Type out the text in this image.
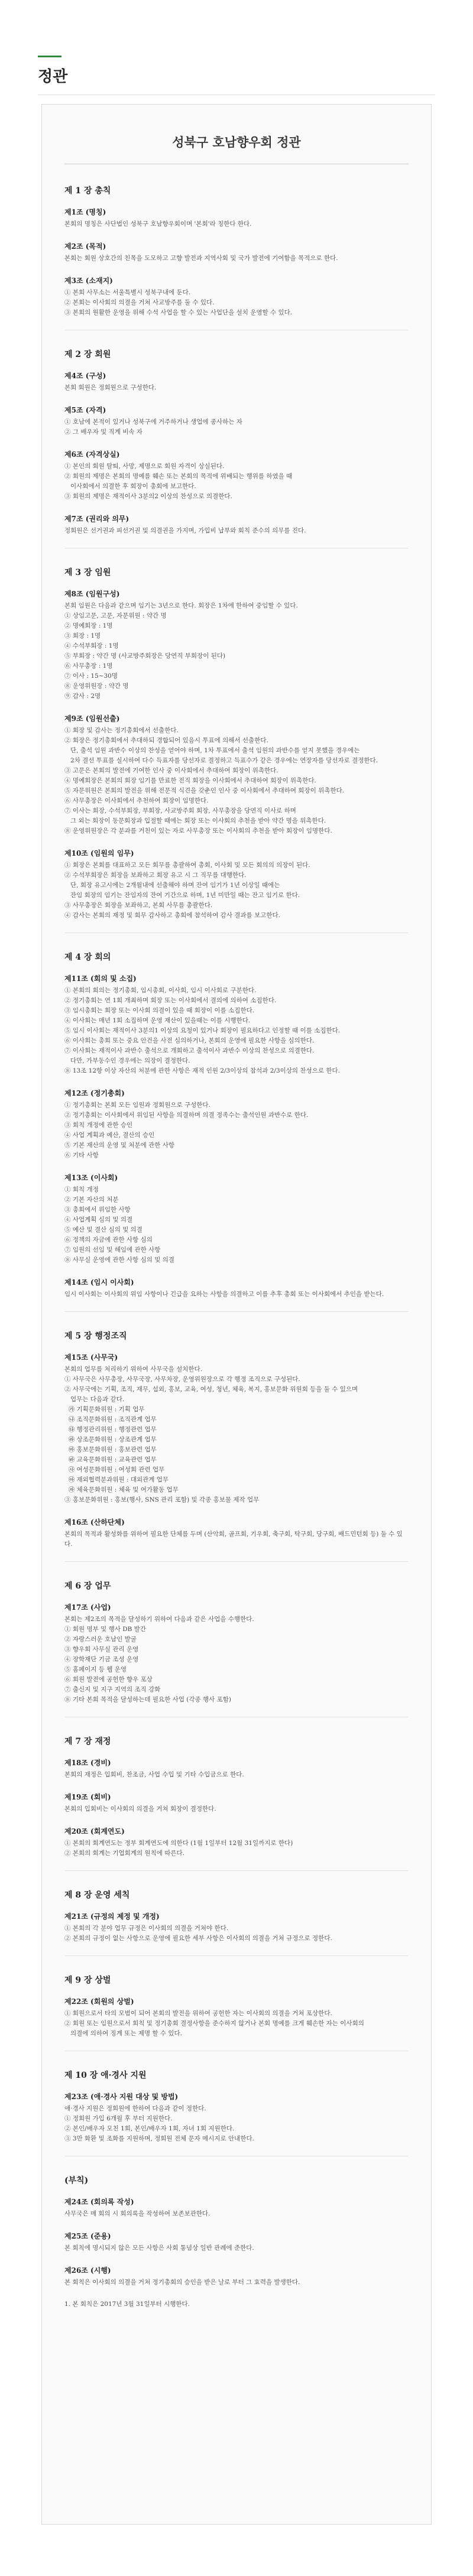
정관
성북구 호남향우회 정관
제 1 장 총칙
제1조 (명칭)

본회의 명칭은 사단법인 성북구 호남향우회이며 '본회'라 칭한다 한다.

제2조 (목적)

본회는 회원 상호간의 친목을 도모하고 고향 발전과 지역사회 및 국가 발전에 기여함을 목적으로 한다.

제3조 (소재지)

① 본회 사무소는 서울특별시 성북구내에 둔다.

② 본회는 이사회의 의결을 거쳐 사교방주를 둘 수 있다.

③ 본회의 원활한 운영을 위해 수석 사업을 할 수 있는 사업단을 설치 운영할 수 있다.

제 2 장 회원
제4조 (구성)

본회 회원은 정회원으로 구성한다.

제5조 (자격)

① 호남에 본적이 있거나 성북구에 거주하거나 생업에 종사하는 자

② 그 배우자 및 직계 비속 자

제6조 (자격상실)

① 본인의 회원 탈퇴, 사망, 제명으로 회원 자격이 상실된다.

② 회원의 제명은 본회의 명예를 훼손 또는 본회의 목적에 위배되는 행위를 하였을 때

이사회에서 의결한 후 회장이 총회에 보고한다.

③ 회원의 제명은 재적이사 3분의2 이상의 찬성으로 의결한다.

제7조 (권리와 의무)

정회원은 선거권과 피선거권 및 의결권을 가지며, 가입비 납부와 회칙 준수의 의무를 진다.

제 3 장 임원
제8조 (임원구성)

본회 임원은 다음과 같으며 임기는 3년으로 한다. 회장은 1차에 한하여 중임할 수 있다.

① 상임고문, 고문, 자문위원 : 약간 명

② 명예회장 : 1명

③ 회장 : 1명

④ 수석부회장 : 1명

⑤ 부회장 : 약간 명 (사교방주회장은 당연직 부회장이 된다)

⑥ 사무총장 : 1명

⑦ 이사 : 15~30명

⑧ 운영위원장 : 약간 명

⑨ 감사 : 2명

제9조 (임원선출)

① 회장 및 감사는 정기총회에서 선출한다.

② 회장은 정기총회에서 추대하되 경합되어 있음시 투표에 의해서 선출한다.

단, 출석 임원 과반수 이상의 찬성을 얻어야 하며, 1차 투표에서 출석 임원의 과반수를 얻지 못했을 경우에는

2차 결선 투표를 실시하여 다수 득표자를 당선자로 결정하고 득표수가 같은 경우에는 연장자를 당선자로 결정한다.

③ 고문은 본회의 발전에 기여한 인사 중 이사회에서 추대하여 회장이 위촉한다.

④ 명예회장은 본회의 회장 임기를 만료한 전직 회장을 이사회에서 추대하여 회장이 위촉한다.

⑤ 자문위원은 본회의 발전을 위해 전문적 식견을 갖춘인 인사 중 이사회에서 추대하여 회장이 위촉한다.

⑥ 사무총장은 이사회에서 추천하여 회장이 임명한다.

⑦ 이사는 회장, 수석부회장, 부회장, 사교방주회 회장, 사무총장을 당연직 이사로 하며

그 외는 회장이 동문회장과 입절할 때에는 회장 또는 이사회의 추천을 받아 약간 명을 위촉한다.

⑧ 운영위원장은 각 분과를 거친이 있는 자로 사무총장 또는 이사회의 추천을 받아 회장이 임명한다.

제10조 (임원의 임무)

① 회장은 본회를 대표하고 모든 회무를 총괄하여 총회, 이사회 및 모든 회의의 의장이 된다.

② 수석부회장은 회장을 보좌하고 회장 유고 시 그 직무를 대행한다.

단, 회장 유고시에는 2개월내에 선출해야 하며 잔여 임기가 1년 이상일 때에는

잔임 회장의 임기는 잔임자의 잔여 기간으로 하며, 1년 미만일 때는 잔고 임기로 한다.

③ 사무총장은 회장을 보좌하고, 본회 사무를 총괄한다.

④ 감사는 본회의 재정 및 회무 감사하고 총회에 참석하여 감사 결과를 보고한다.

제 4 장 회의
제11조 (회의 및 소집)

① 본회의 회의는 정기총회, 임시총회, 이사회, 임시 이사회로 구분한다.

② 정기총회는 연 1회 개최하며 회장 또는 이사회에서 결의에 의하여 소집한다.

③ 임시총회는 회장 또는 이사회 의결이 있을 때 회장이 이를 소집한다.

④ 이사회는 매년 1회 소집하며 운영 재산이 있을때는 이를 시행한다.

⑤ 임시 이사회는 재적이사 3분의1 이상의 요청이 있거나 회장이 필요하다고 인정할 때 이를 소집한다.

⑥ 이사회는 총회 또는 중요 안건을 사전 심의하거나, 본회의 운영에 필요한 사항을 심의한다.

⑦ 이사회는 재적이사 과반수 출석으로 개회하고 출석이사 과반수 이상의 찬성으로 의결한다.

다만, 가부동수인 경우에는 의장이 결정한다.

⑧ 13조 12항 이상 자산의 처분에 관한 사항은 재적 인원 2/3이상의 참석과 2/3이상의 찬성으로 한다.

제12조 (정기총회)

① 정기총회는 본회 모든 임원과 정회원으로 구성한다.

② 정기총회는 이사회에서 위임된 사항을 의결하며 의결 정족수는 출석인원 과반수로 한다.

③ 회칙 개정에 관한 승인

④ 사업 계획과 예산, 결산의 승인

⑤ 기본 재산의 운영 및 처분에 관한 사항

⑥ 기타 사항

제13조 (이사회)

① 회칙 개정

② 기본 자산의 처분

③ 총회에서 위임한 사항

④ 사업계획 심의 및 의결

⑤ 예산 및 결산 심의 및 의결

⑥ 정책의 자금에 관한 사항 심의

⑦ 임원의 선임 및 해임에 관한 사항

⑧ 사무실 운영에 관한 사항 심의 및 의결

제14조 (임시 이사회)

임시 이사회는 이사회의 위임 사항이나 긴급을 요하는 사항을 의결하고 이를 추후 총회 또는 이사회에서 추인을 받는다.

제 5 장 행정조직
제15조 (사무국)

본회의 업무를 처리하기 위하여 사무국을 설치한다.

① 사무국은 사무총장, 사무국장, 사무차장, 운영위원장으로 각 행정 조직으로 구성된다.

② 사무국에는 기획, 조직, 재무, 섭외, 홍보, 교육, 여성, 청년, 체육, 복지, 홍보문화 위원회 등을 둘 수 있으며

업무는 다음과 같다.

㉮ 기획문화위원 : 기획 업무

㉯ 조직문화위원 : 조직관계 업무

㉰ 행정관리위원 : 행정관련 업무

㉱ 상조문화위원 : 상조관계 업무

㉲ 홍보문화위원 : 홍보관련 업무

㉳ 교육문화위원 : 교육관련 업무

㉴ 여성문화위원 : 여성회 관련 업무

㉵ 재외협력분과위원 : 대외관계 업무

㉶ 체육문화위원 : 체육 및 여가활동 업무

③ 홍보문화위원 : 홍보(행사, SNS 관리 포함) 및 각종 홍보물 제작 업무

제16조 (산하단체)

본회의 목적과 활성화를 위하여 필요한 단체를 두며 (산악회, 골프회, 기우회, 축구회, 탁구회, 당구회, 배드민턴회 등) 둘 수 있다.

제 6 장 업무
제17조 (사업)

본회는 제2조의 목적을 달성하기 위하여 다음과 같은 사업을 수행한다.

① 회원 명부 및 행사 DB 발간

② 자랑스러운 호남인 발굴

③ 향우회 사무실 관리 운영

④ 장학재단 기금 조성 운영

⑤ 홈페이지 등 웹 운영

⑥ 회원 발전에 공헌한 향우 포상

⑦ 출신지 및 지구 지역의 조직 강화

⑧ 기타 본회 목적을 달성하는데 필요한 사업 (각종 행사 포함)

제 7 장 재정
제18조 (경비)

본회의 재정은 입회비, 찬조금, 사업 수입 및 기타 수입금으로 한다.

제19조 (회비)

본회의 입회비는 이사회의 의결을 거쳐 회장이 결정한다.

제20조 (회계연도)

① 본회의 회계연도는 정부 회계연도에 의한다 (1월 1일부터 12월 31일까지로 한다)

② 본회의 회계는 기업회계의 원칙에 따른다.

제 8 장 운영 세칙
제21조 (규정의 제정 및 개정)

① 본회의 각 분야 업무 규정은 이사회의 의결을 거쳐야 한다.

② 본회의 규정이 없는 사항으로 운영에 필요한 세부 사항은 이사회의 의결을 거쳐 규정으로 정한다.

제 9 장 상벌
제22조 (회원의 상벌)

① 회원으로서 타의 모범이 되어 본회의 발전을 위하여 공헌한 자는 이사회의 의결을 거쳐 포상한다.

② 회원 또는 임원으로서 회칙 및 정기총회 결정사항을 준수하지 않거나 본회 명예를 크게 훼손한 자는 이사회의

의결에 의하여 징계 또는 제명 할 수 있다.

제 10 장 애·경사 지원
제23조 (애·경사 지원 대상 및 방법)

애·경사 지원은 정회원에 한하여 다음과 같이 정한다.

① 정회원 가입 6개월 후 부터 지원한다.

② 본인/배우자 모친 1회, 본인/배우자 1회, 자녀 1회 지원한다.

③ 3만 화환 및 조화를 지원하며, 정회원 전체 문자 메시지로 안내한다.

(부칙)
제24조 (회의록 작성)

사무국은 매 회의 시 회의록을 작성하여 보존보관한다.

제25조 (준용)

본 회칙에 명시되지 않은 모든 사항은 사회 통념상 일반 관례에 준한다.

제26조 (시행)

본 회칙은 이사회의 의결을 거쳐 정기총회의 승인을 받은 날로 부터 그 효력을 발생한다.

1. 본 회칙은 2017년 3월 31일부터 시행한다.
